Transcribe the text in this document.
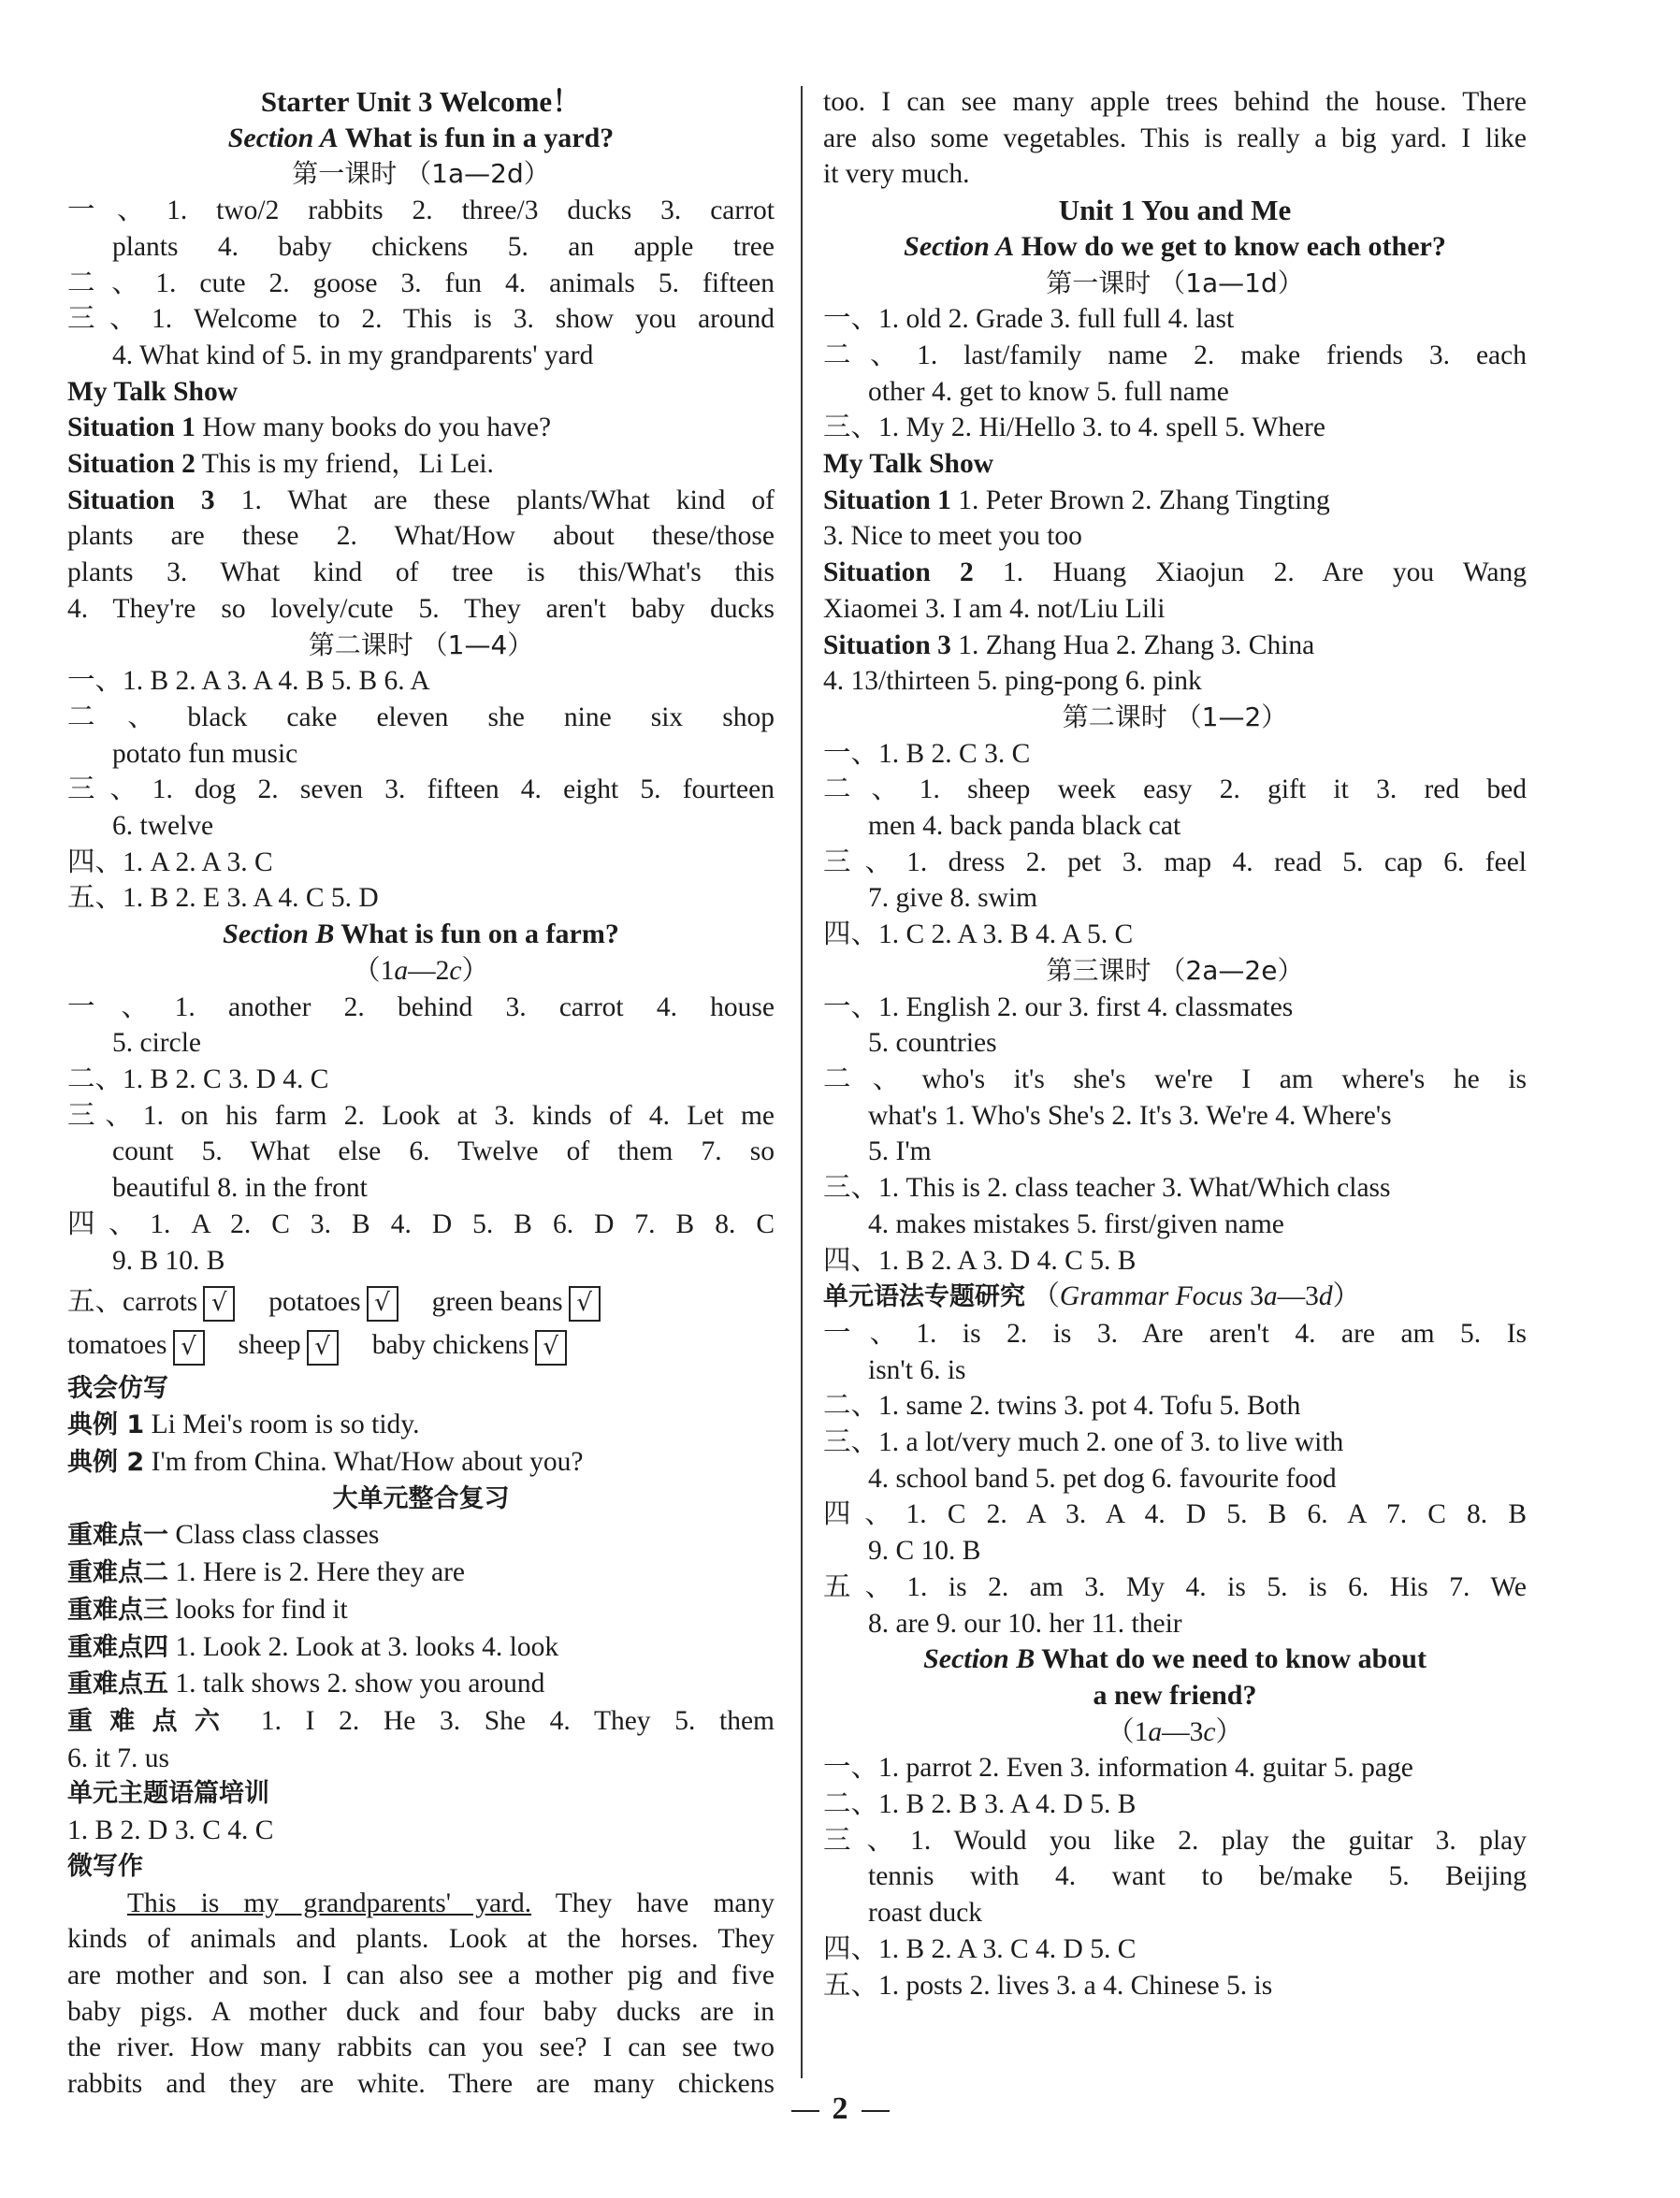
Starter Unit 3 Welcome！
Section A What is fun in a yard?
第一课时 （1a—2d）
一、1. two/2 rabbits 2. three/3 ducks 3. carrot
plants 4. baby chickens 5. an apple tree
二、1. cute 2. goose 3. fun 4. animals 5. fifteen
三、1. Welcome to 2. This is 3. show you around
4. What kind of 5. in my grandparents' yard
My Talk Show
Situation 1 How many books do you have?
Situation 2 This is my friend，Li Lei.
Situation 3 1. What are these plants/What kind of
plants are these 2. What/How about these/those
plants 3. What kind of tree is this/What's this
4. They're so lovely/cute 5. They aren't baby ducks
第二课时 （1—4）
一、1. B 2. A 3. A 4. B 5. B 6. A
二、black cake eleven she nine six shop
potato fun music
三、1. dog 2. seven 3. fifteen 4. eight 5. fourteen
6. twelve
四、1. A 2. A 3. C
五、1. B 2. E 3. A 4. C 5. D
Section B What is fun on a farm?
（1a—2c）
一、1. another 2. behind 3. carrot 4. house
5. circle
二、1. B 2. C 3. D 4. C
三、1. on his farm 2. Look at 3. kinds of 4. Let me
count 5. What else 6. Twelve of them 7. so
beautiful 8. in the front
四、1. A 2. C 3. B 4. D 5. B 6. D 7. B 8. C
9. B 10. B
五、carrots √ potatoes √ green beans √
tomatoes √ sheep √ baby chickens √
我会仿写
典例 1 Li Mei's room is so tidy.
典例 2 I'm from China. What/How about you?
大单元整合复习
重难点一 Class class classes
重难点二 1. Here is 2. Here they are
重难点三 looks for find it
重难点四 1. Look 2. Look at 3. looks 4. look
重难点五 1. talk shows 2. show you around
重难点六 1. I 2. He 3. She 4. They 5. them
6. it 7. us
单元主题语篇培训
1. B 2. D 3. C 4. C
微写作
This is my grandparents' yard. They have many
kinds of animals and plants. Look at the horses. They
are mother and son. I can also see a mother pig and five
baby pigs. A mother duck and four baby ducks are in
the river. How many rabbits can you see? I can see two
rabbits and they are white. There are many chickens
too. I can see many apple trees behind the house. There
are also some vegetables. This is really a big yard. I like
it very much.
Unit 1 You and Me
Section A How do we get to know each other?
第一课时 （1a—1d）
一、1. old 2. Grade 3. full full 4. last
二、1. last/family name 2. make friends 3. each
other 4. get to know 5. full name
三、1. My 2. Hi/Hello 3. to 4. spell 5. Where
My Talk Show
Situation 1 1. Peter Brown 2. Zhang Tingting
3. Nice to meet you too
Situation 2 1. Huang Xiaojun 2. Are you Wang
Xiaomei 3. I am 4. not/Liu Lili
Situation 3 1. Zhang Hua 2. Zhang 3. China
4. 13/thirteen 5. ping-pong 6. pink
第二课时 （1—2）
一、1. B 2. C 3. C
二、1. sheep week easy 2. gift it 3. red bed
men 4. back panda black cat
三、1. dress 2. pet 3. map 4. read 5. cap 6. feel
7. give 8. swim
四、1. C 2. A 3. B 4. A 5. C
第三课时 （2a—2e）
一、1. English 2. our 3. first 4. classmates
5. countries
二、who's it's she's we're I am where's he is
what's 1. Who's She's 2. It's 3. We're 4. Where's
5. I'm
三、1. This is 2. class teacher 3. What/Which class
4. makes mistakes 5. first/given name
四、1. B 2. A 3. D 4. C 5. B
单元语法专题研究 （Grammar Focus 3a—3d）
一、1. is 2. is 3. Are aren't 4. are am 5. Is
isn't 6. is
二、1. same 2. twins 3. pot 4. Tofu 5. Both
三、1. a lot/very much 2. one of 3. to live with
4. school band 5. pet dog 6. favourite food
四、1. C 2. A 3. A 4. D 5. B 6. A 7. C 8. B
9. C 10. B
五、1. is 2. am 3. My 4. is 5. is 6. His 7. We
8. are 9. our 10. her 11. their
Section B What do we need to know about
a new friend?
（1a—3c）
一、1. parrot 2. Even 3. information 4. guitar 5. page
二、1. B 2. B 3. A 4. D 5. B
三、1. Would you like 2. play the guitar 3. play
tennis with 4. want to be/make 5. Beijing
roast duck
四、1. B 2. A 3. C 4. D 5. C
五、1. posts 2. lives 3. a 4. Chinese 5. is
2
